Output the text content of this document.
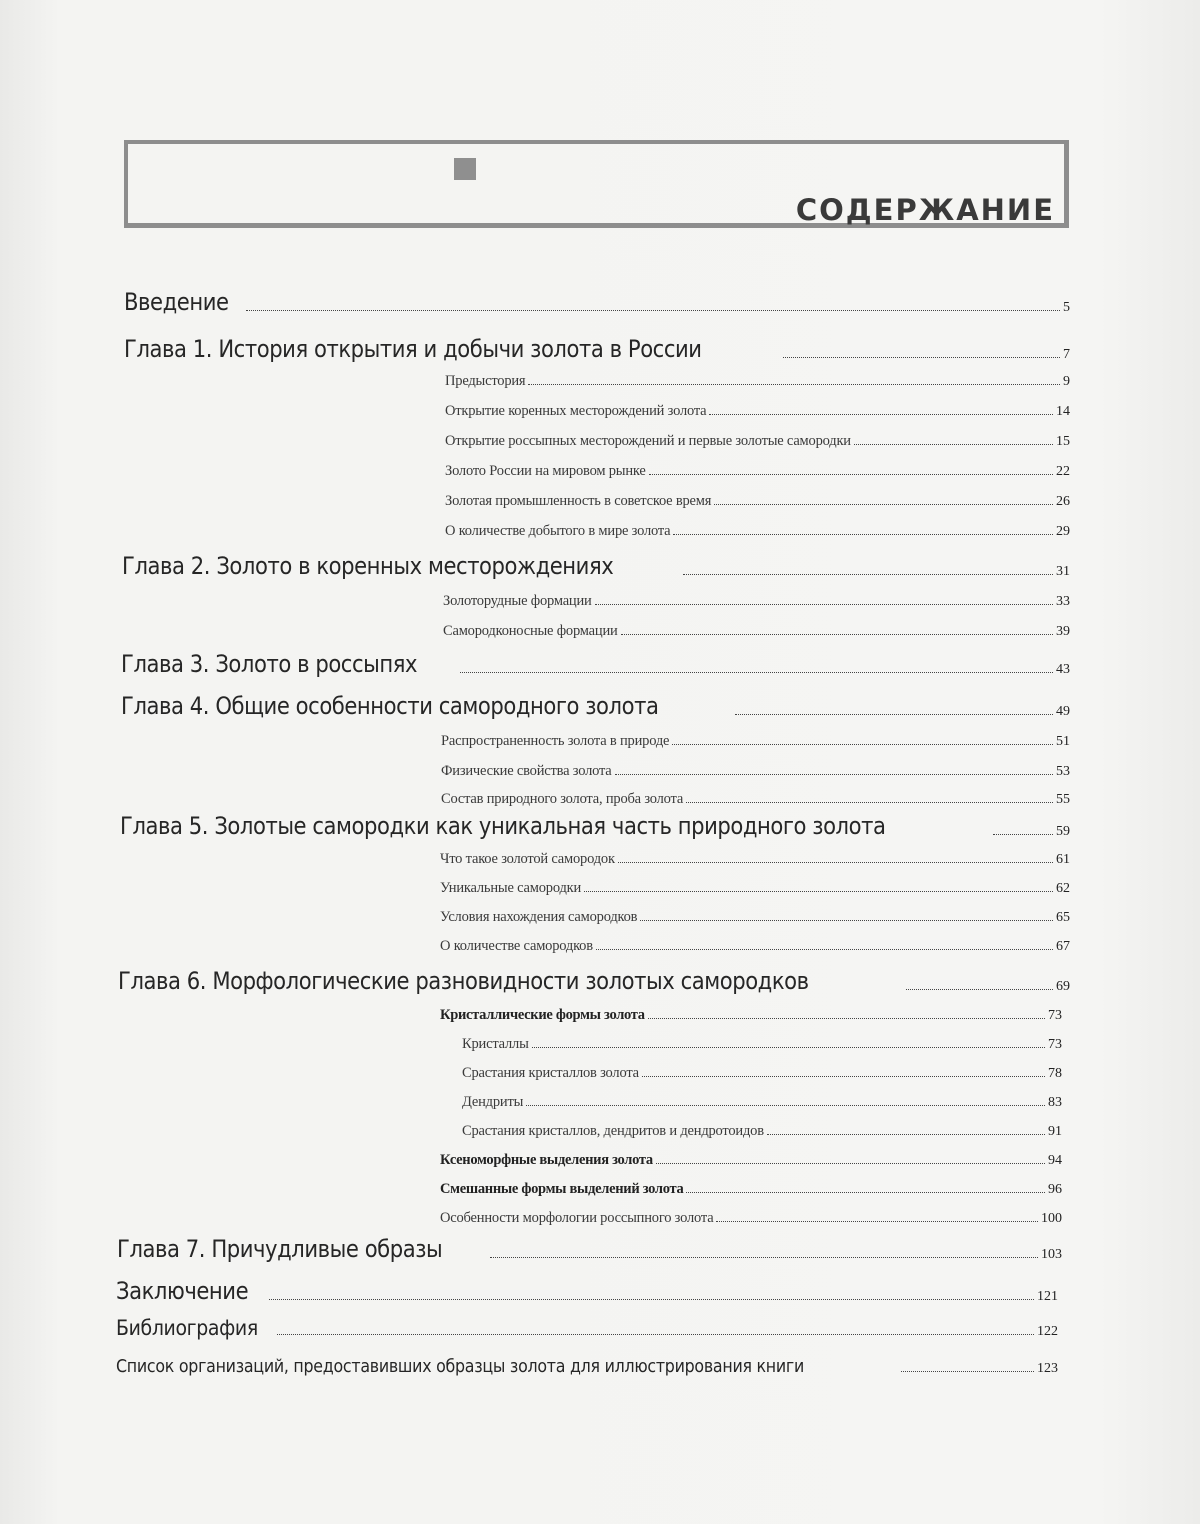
СОДЕРЖАНИЕ
Введение	5
Глава 1. История открытия и добычи золота в России	7
Предыстория	9
Открытие коренных месторождений золота	14
Открытие россыпных месторождений и первые золотые самородки	15
Золото России на мировом рынке	22
Золотая промышленность в советское время	26
О количестве добытого в мире золота	29
Глава 2. Золото в коренных месторождениях	31
Золоторудные формации	33
Самородконосные формации	39
Глава 3. Золото в россыпях	43
Глава 4. Общие особенности самородного золота	49
Распространенность золота в природе	51
Физические свойства золота	53
Состав природного золота, проба золота	55
Глава 5. Золотые самородки как уникальная часть природного золота	59
Что такое золотой самородок	61
Уникальные самородки	62
Условия нахождения самородков	65
О количестве самородков	67
Глава 6. Морфологические разновидности золотых самородков	69
Кристаллические формы золота	73
Кристаллы	73
Срастания кристаллов золота	78
Дендриты	83
Срастания кристаллов, дендритов и дендротоидов	91
Ксеноморфные выделения золота	94
Смешанные формы выделений золота	96
Особенности морфологии россыпного золота	100
Глава 7. Причудливые образы	103
Заключение	121
Библиография	122
Список организаций, предоставивших образцы золота для иллюстрирования книги	123
